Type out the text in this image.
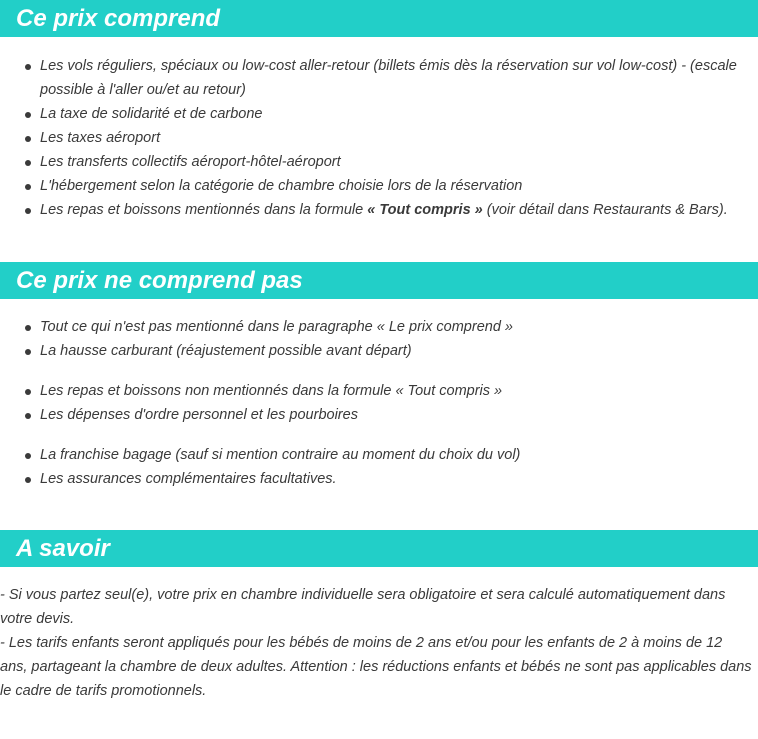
Ce prix comprend
Les vols réguliers, spéciaux ou low-cost aller-retour (billets émis dès la réservation sur vol low-cost) - (escale possible à l'aller ou/et au retour)
La taxe de solidarité et de carbone
Les taxes aéroport
Les transferts collectifs aéroport-hôtel-aéroport
L'hébergement selon la catégorie de chambre choisie lors de la réservation
Les repas et boissons mentionnés dans la formule « Tout compris » (voir détail dans Restaurants & Bars).
Ce prix ne comprend pas
Tout ce qui n'est pas mentionné dans le paragraphe « Le prix comprend »
La hausse carburant (réajustement possible avant départ)
Les repas et boissons non mentionnés dans la formule « Tout compris »
Les dépenses d'ordre personnel et les pourboires
La franchise bagage (sauf si mention contraire au moment du choix du vol)
Les assurances complémentaires facultatives.
A savoir

- Si vous partez seul(e), votre prix en chambre individuelle sera obligatoire et sera calculé automatiquement dans votre devis.

- Les tarifs enfants seront appliqués pour les bébés de moins de 2 ans et/ou pour les enfants de 2 à moins de 12 ans, partageant la chambre de deux adultes. Attention : les réductions enfants et bébés ne sont pas applicables dans le cadre de tarifs promotionnels.
